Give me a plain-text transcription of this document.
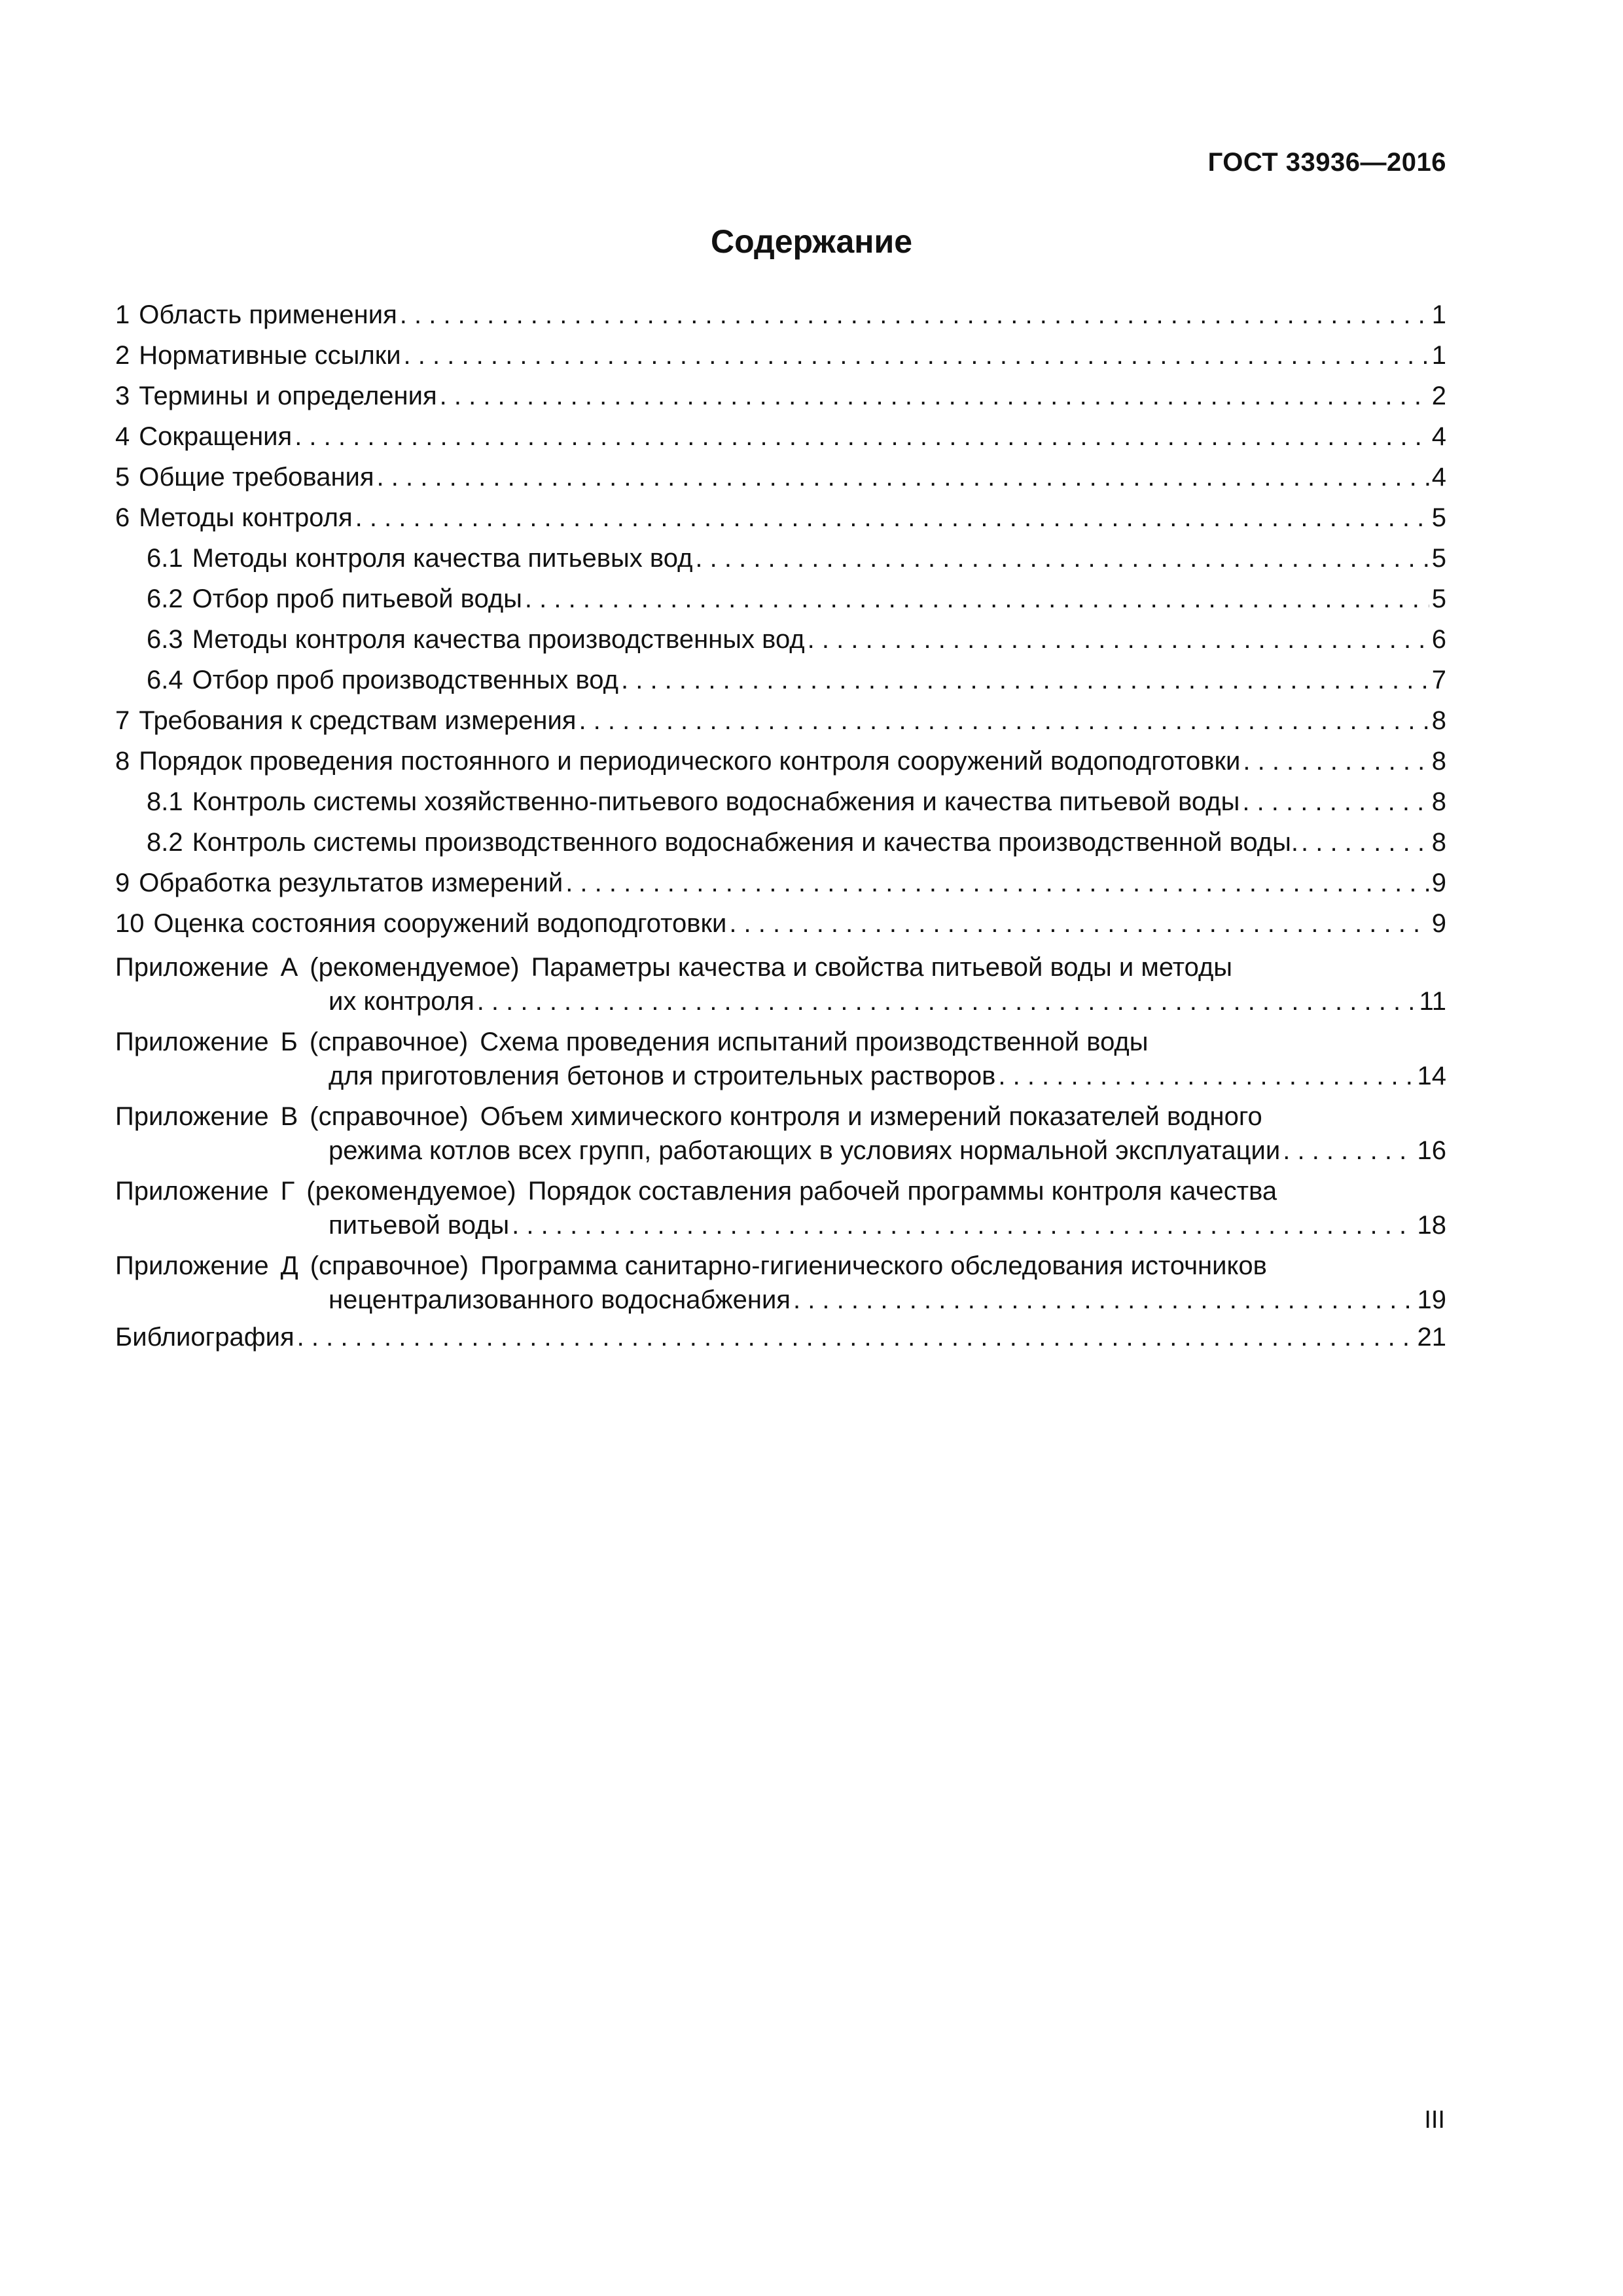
ГОСТ 33936—2016
Содержание
1 Область применения . . .	1
2 Нормативные ссылки . . .	1
3 Термины и определения . . .	2
4 Сокращения . . .	4
5 Общие требования . . .	4
6 Методы контроля . . .	5
6.1 Методы контроля качества питьевых вод . . .	5
6.2 Отбор проб питьевой воды . . .	5
6.3 Методы контроля качества производственных вод . . .	6
6.4 Отбор проб производственных вод . . .	7
7 Требования к средствам измерения . . .	8
8 Порядок проведения постоянного и периодического контроля сооружений водоподготовки . . .	8
8.1 Контроль системы хозяйственно-питьевого водоснабжения и качества питьевой воды . . .	8
8.2 Контроль системы производственного водоснабжения и качества производственной воды. . . .	8
9 Обработка результатов измерений . . .	9
10 Оценка состояния сооружений водоподготовки . . .	9
Приложение А (рекомендуемое) Параметры качества и свойства питьевой воды и методы
их контроля . . .	11
Приложение Б (справочное) Схема проведения испытаний производственной воды
для приготовления бетонов и строительных растворов . . .	14
Приложение В (справочное) Объем химического контроля и измерений показателей водного
режима котлов всех групп, работающих в условиях нормальной эксплуатации . . .	16
Приложение Г (рекомендуемое) Порядок составления рабочей программы контроля качества
питьевой воды . . .	18
Приложение Д (справочное) Программа санитарно-гигиенического обследования источников
нецентрализованного водоснабжения . . .	19
Библиография . . .	21
III
